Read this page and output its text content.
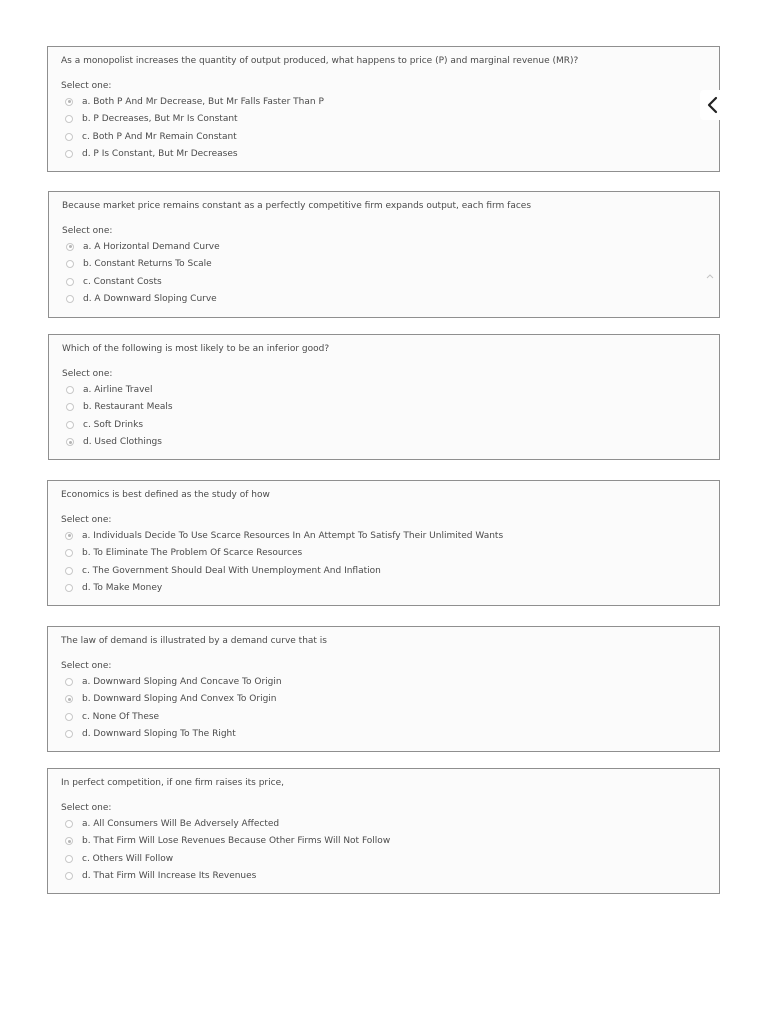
As a monopolist increases the quantity of output produced, what happens to price (P) and marginal revenue (MR)?
Select one:
a. Both P And Mr Decrease, But Mr Falls Faster Than P
b. P Decreases, But Mr Is Constant
c. Both P And Mr Remain Constant
d. P Is Constant, But Mr Decreases
Because market price remains constant as a perfectly competitive firm expands output, each firm faces
Select one:
a. A Horizontal Demand Curve
b. Constant Returns To Scale
c. Constant Costs
d. A Downward Sloping Curve
Which of the following is most likely to be an inferior good?
Select one:
a. Airline Travel
b. Restaurant Meals
c. Soft Drinks
d. Used Clothings
Economics is best defined as the study of how
Select one:
a. Individuals Decide To Use Scarce Resources In An Attempt To Satisfy Their Unlimited Wants
b. To Eliminate The Problem Of Scarce Resources
c. The Government Should Deal With Unemployment And Inflation
d. To Make Money
The law of demand is illustrated by a demand curve that is
Select one:
a. Downward Sloping And Concave To Origin
b. Downward Sloping And Convex To Origin
c. None Of These
d. Downward Sloping To The Right
In perfect competition, if one firm raises its price,
Select one:
a. All Consumers Will Be Adversely Affected
b. That Firm Will Lose Revenues Because Other Firms Will Not Follow
c. Others Will Follow
d. That Firm Will Increase Its Revenues
